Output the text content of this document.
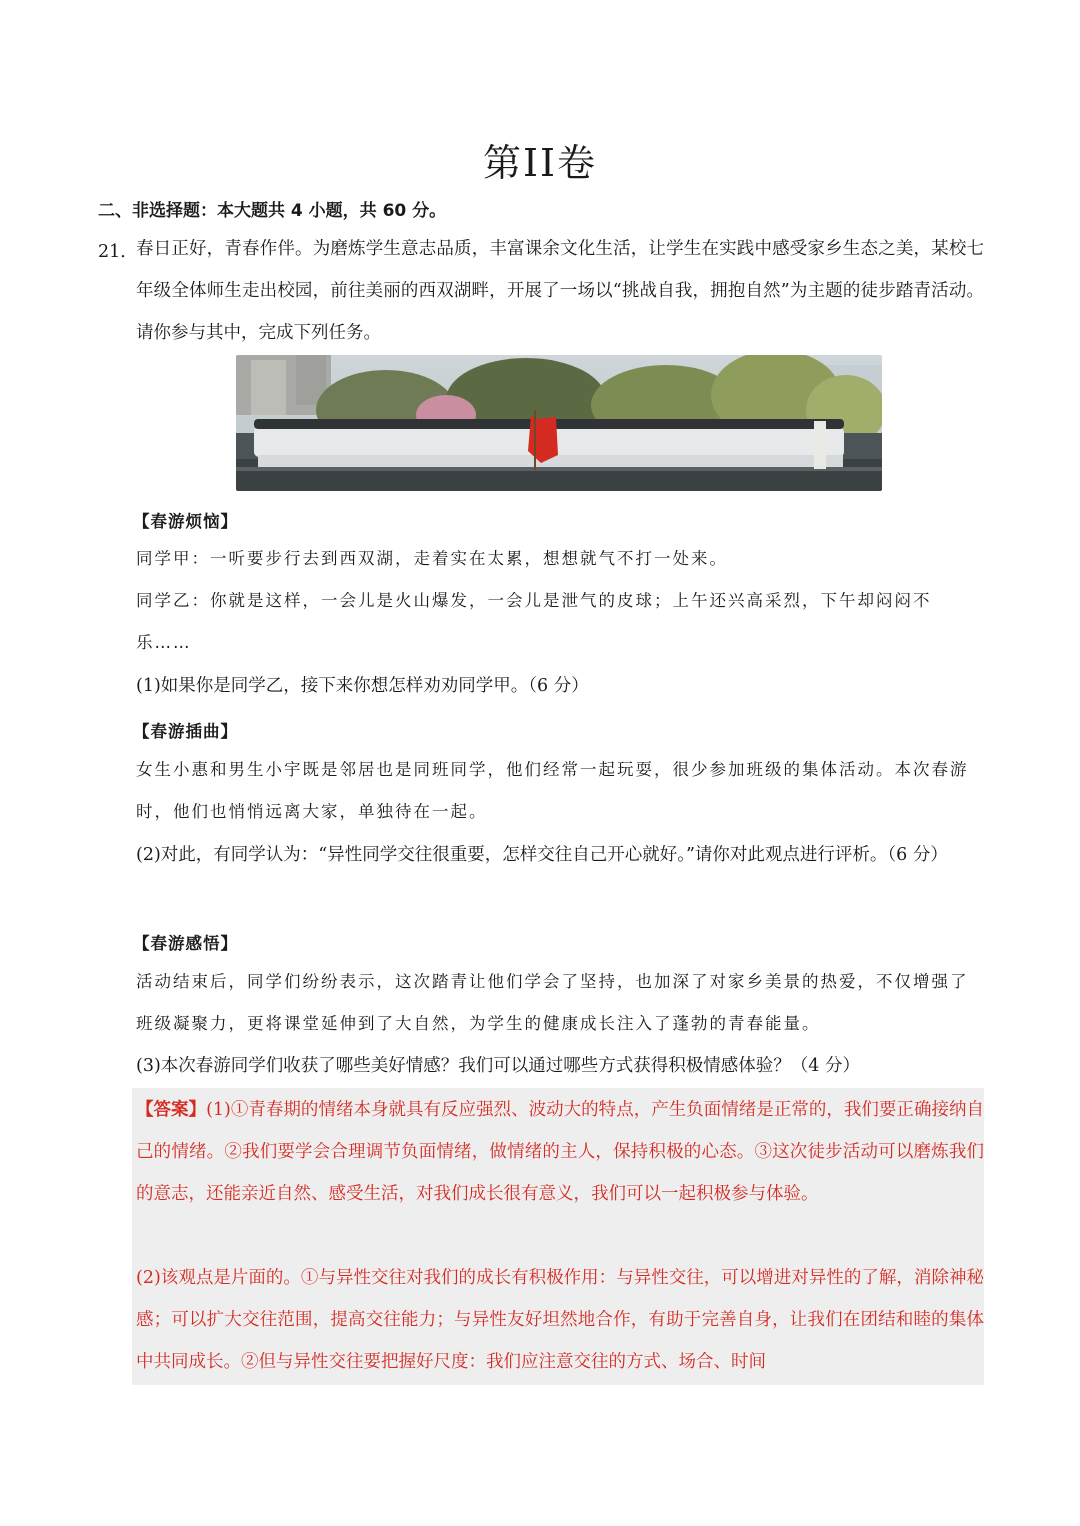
第II卷
二、非选择题：本大题共 4 小题，共 60 分。
21．

春日正好，青春作伴。为磨炼学生意志品质，丰富课余文化生活，让学生在实践中感受家乡生态之美，某校七年级全体师生走出校园，前往美丽的西双湖畔，开展了一场以“挑战自我，拥抱自然”为主题的徒步踏青活动。请你参与其中，完成下列任务。

【春游烦恼】

同学甲：一听要步行去到西双湖，走着实在太累，想想就气不打一处来。

同学乙：你就是这样，一会儿是火山爆发，一会儿是泄气的皮球；上午还兴高采烈，下午却闷闷不乐……

(1)如果你是同学乙，接下来你想怎样劝劝同学甲。（6 分）

【春游插曲】

女生小惠和男生小宇既是邻居也是同班同学，他们经常一起玩耍，很少参加班级的集体活动。本次春游时，他们也悄悄远离大家，单独待在一起。

(2)对此，有同学认为：“异性同学交往很重要，怎样交往自己开心就好。”请你对此观点进行评析。（6 分）

【春游感悟】

活动结束后，同学们纷纷表示，这次踏青让他们学会了坚持，也加深了对家乡美景的热爱，不仅增强了班级凝聚力，更将课堂延伸到了大自然，为学生的健康成长注入了蓬勃的青春能量。

(3)本次春游同学们收获了哪些美好情感？我们可以通过哪些方式获得积极情感体验？（4 分）

【答案】(1)①青春期的情绪本身就具有反应强烈、波动大的特点，产生负面情绪是正常的，我们要正确接纳自己的情绪。②我们要学会合理调节负面情绪，做情绪的主人，保持积极的心态。③这次徒步活动可以磨炼我们的意志，还能亲近自然、感受生活，对我们成长很有意义，我们可以一起积极参与体验。

(2)该观点是片面的。①与异性交往对我们的成长有积极作用：与异性交往，可以增进对异性的了解，消除神秘感；可以扩大交往范围，提高交往能力；与异性友好坦然地合作，有助于完善自身，让我们在团结和睦的集体中共同成长。②但与异性交往要把握好尺度：我们应注意交往的方式、场合、时间
